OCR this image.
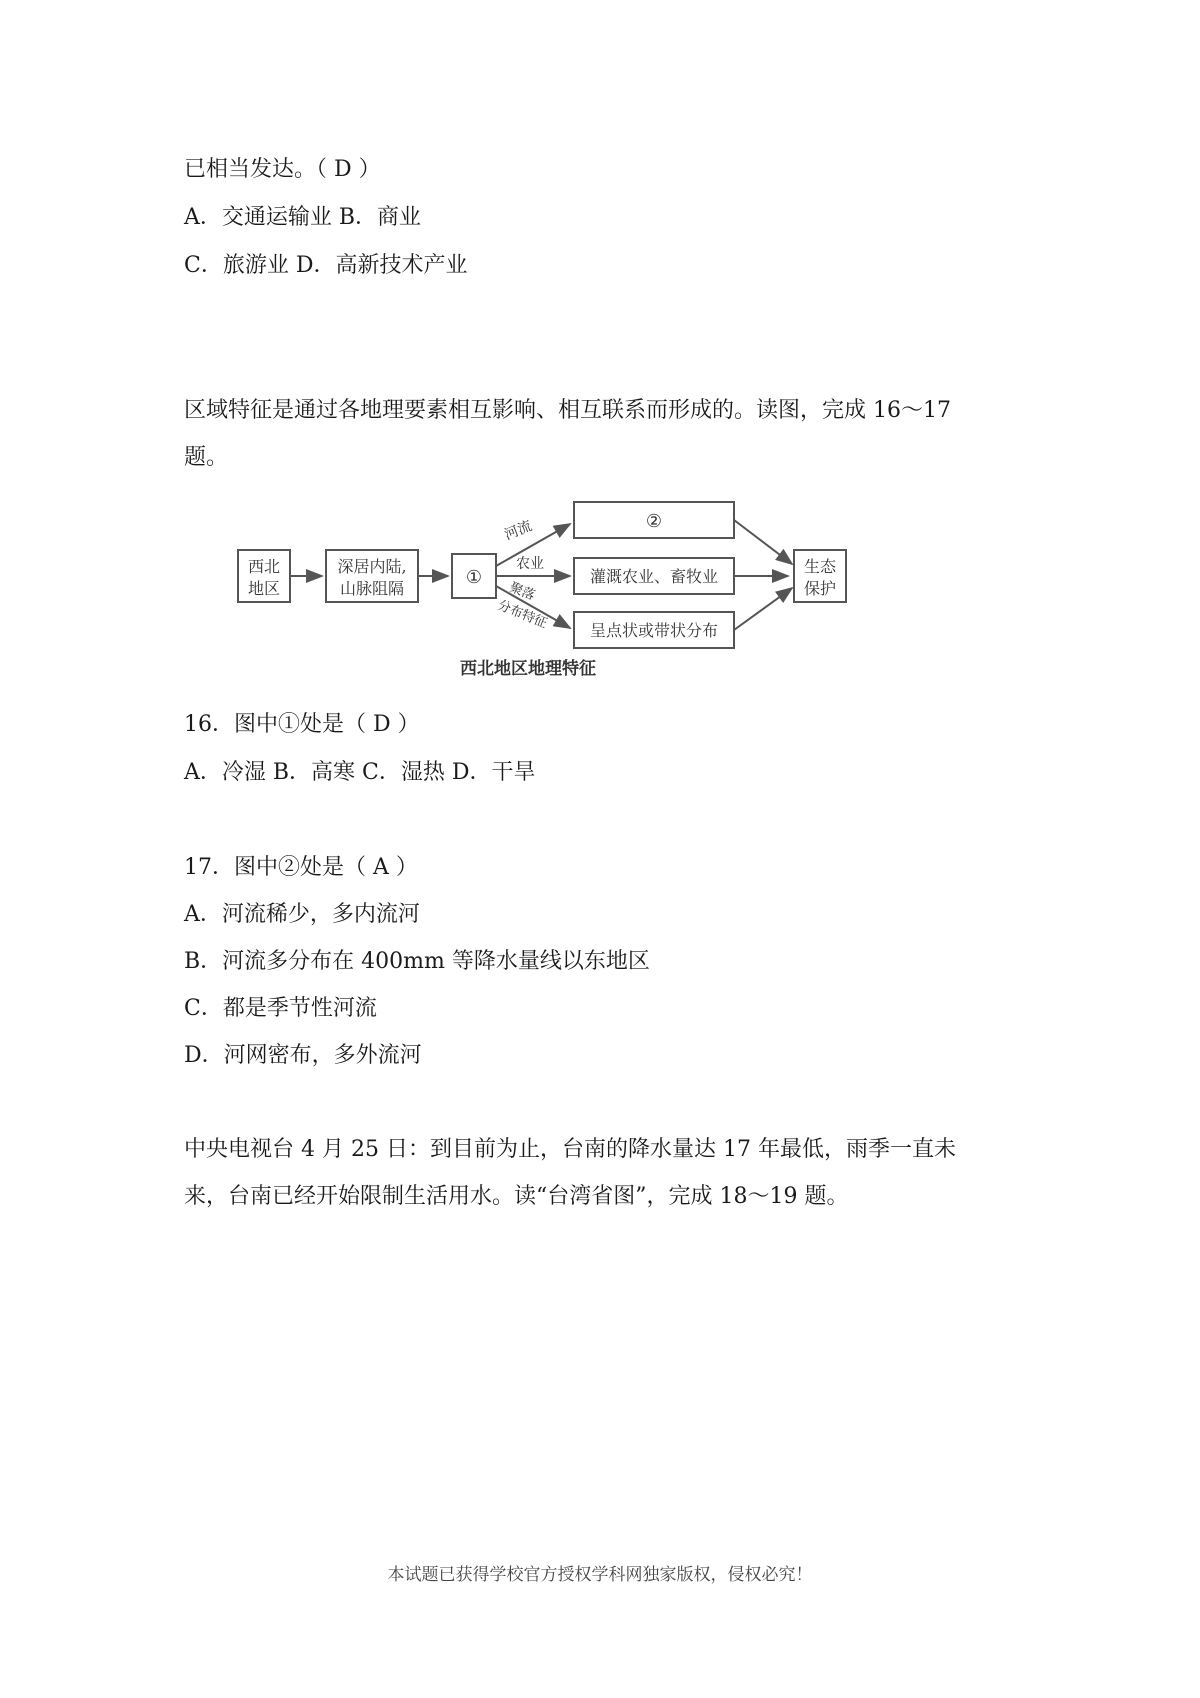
已相当发达。（ D ）
A．交通运输业 B．商业
C．旅游业 D．高新技术产业
区域特征是通过各地理要素相互影响、相互联系而形成的。读图，完成 16～17
题。
西北
地区
深居内陆,
山脉阻隔
①
河流
农业
聚落
分布特征
②
灌溉农业、畜牧业
呈点状或带状分布
生态
保护
西北地区地理特征
16．图中①处是（ D ）
A．冷湿 B．高寒 C．湿热 D．干旱
17．图中②处是（ A ）
A．河流稀少，多内流河
B．河流多分布在 400mm 等降水量线以东地区
C．都是季节性河流
D．河网密布，多外流河
中央电视台 4 月 25 日：到目前为止，台南的降水量达 17 年最低，雨季一直未
来，台南已经开始限制生活用水。读“台湾省图”，完成 18～19 题。
本试题已获得学校官方授权学科网独家版权，侵权必究！
